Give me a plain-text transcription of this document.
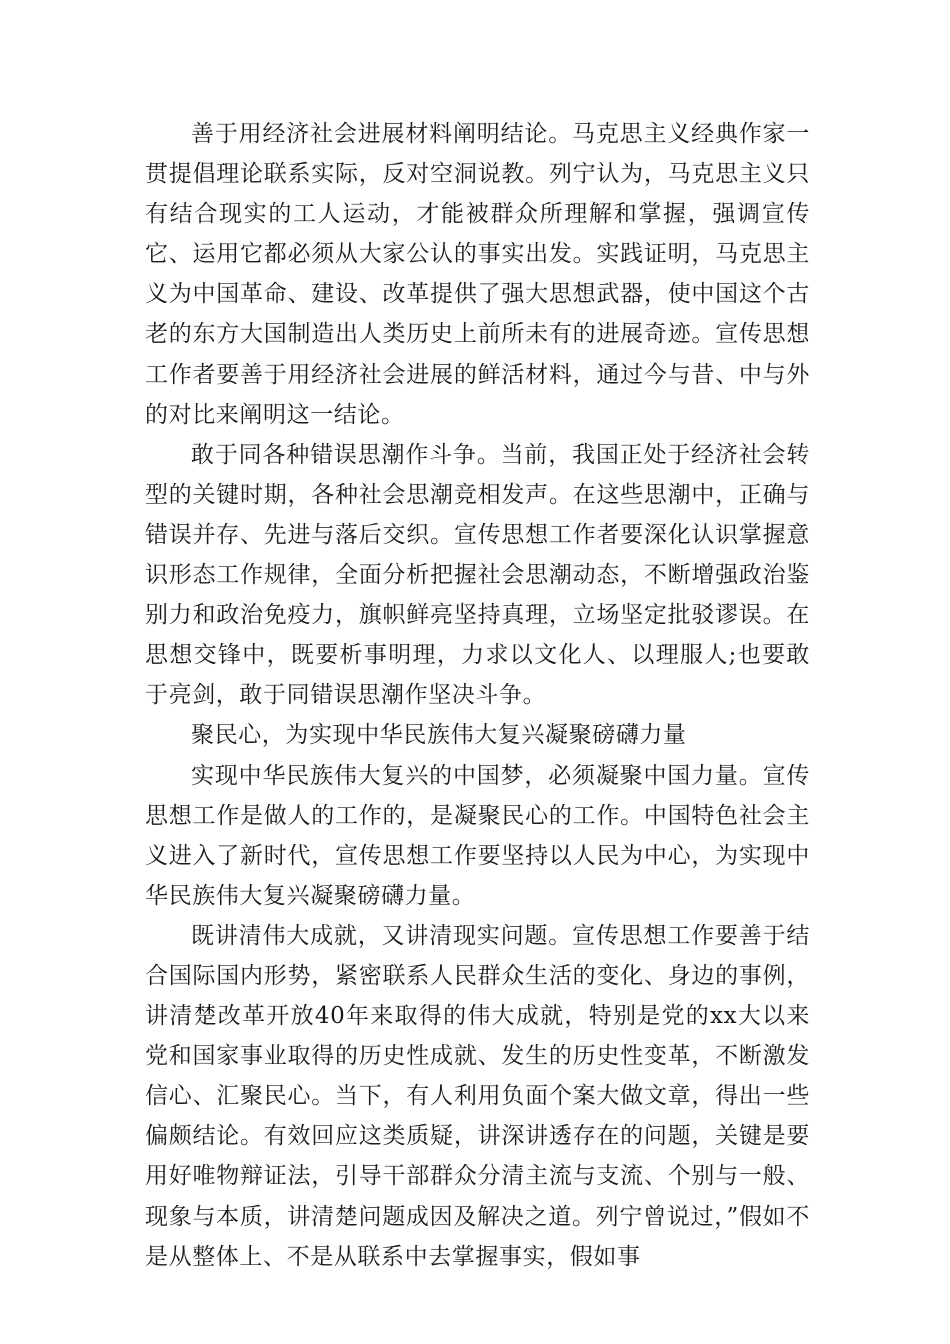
善于用经济社会进展材料阐明结论。马克思主义经典作家一贯提倡理论联系实际，反对空洞说教。列宁认为，马克思主义只有结合现实的工人运动，才能被群众所理解和掌握，强调宣传它、运用它都必须从大家公认的事实出发。实践证明，马克思主义为中国革命、建设、改革提供了强大思想武器，使中国这个古老的东方大国制造出人类历史上前所未有的进展奇迹。宣传思想工作者要善于用经济社会进展的鲜活材料，通过今与昔、中与外的对比来阐明这一结论。

敢于同各种错误思潮作斗争。当前，我国正处于经济社会转型的关键时期，各种社会思潮竞相发声。在这些思潮中，正确与错误并存、先进与落后交织。宣传思想工作者要深化认识掌握意识形态工作规律，全面分析把握社会思潮动态，不断增强政治鉴别力和政治免疫力，旗帜鲜亮坚持真理，立场坚定批驳谬误。在思想交锋中，既要析事明理，力求以文化人、以理服人;也要敢于亮剑，敢于同错误思潮作坚决斗争。

聚民心，为实现中华民族伟大复兴凝聚磅礴力量

实现中华民族伟大复兴的中国梦，必须凝聚中国力量。宣传思想工作是做人的工作的，是凝聚民心的工作。中国特色社会主义进入了新时代，宣传思想工作要坚持以人民为中心，为实现中华民族伟大复兴凝聚磅礴力量。

既讲清伟大成就，又讲清现实问题。宣传思想工作要善于结合国际国内形势，紧密联系人民群众生活的变化、身边的事例，讲清楚改革开放40年来取得的伟大成就，特别是党的xx大以来党和国家事业取得的历史性成就、发生的历史性变革，不断激发信心、汇聚民心。当下，有人利用负面个案大做文章，得出一些偏颇结论。有效回应这类质疑，讲深讲透存在的问题，关键是要用好唯物辩证法，引导干部群众分清主流与支流、个别与一般、现象与本质，讲清楚问题成因及解决之道。列宁曾说过，”假如不是从整体上、不是从联系中去掌握事实，假如事
